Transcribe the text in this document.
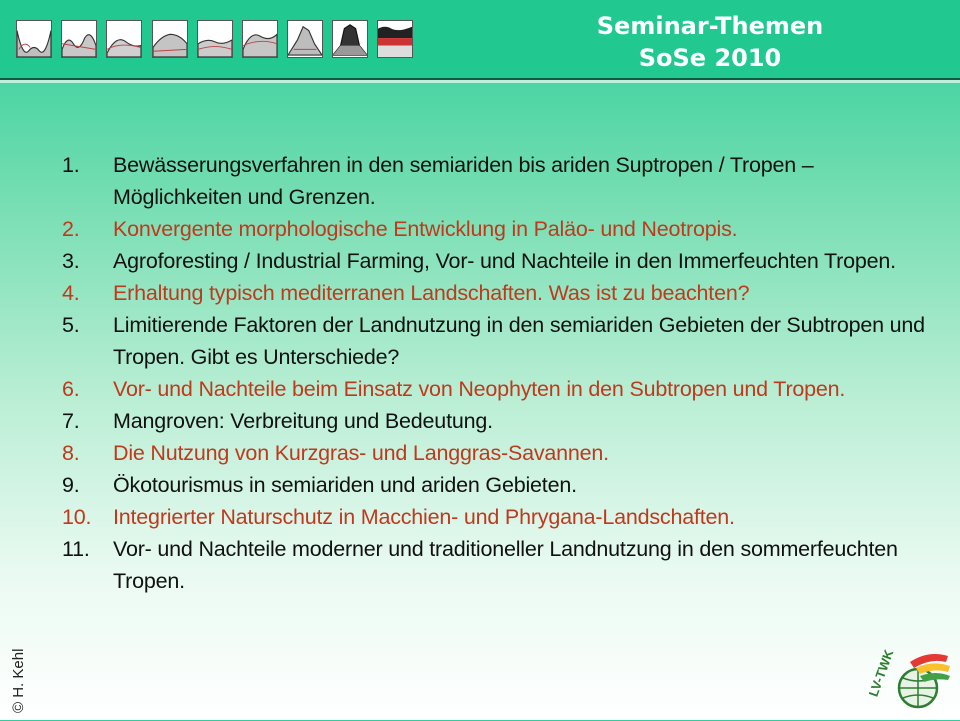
Seminar-Themen
SoSe 2010
1. Bewässerungsverfahren in den semiariden bis ariden Suptropen / Tropen – Möglichkeiten und Grenzen.
2. Konvergente morphologische Entwicklung in Paläo- und Neotropis.
3. Agroforesting / Industrial Farming, Vor- und Nachteile in den Immerfeuchten Tropen.
4. Erhaltung typisch mediterranen Landschaften. Was ist zu beachten?
5. Limitierende Faktoren der Landnutzung in den semiariden Gebieten der Subtropen und Tropen. Gibt es Unterschiede?
6. Vor- und Nachteile beim Einsatz von Neophyten in den Subtropen und Tropen.
7. Mangroven: Verbreitung und Bedeutung.
8. Die Nutzung von Kurzgras- und Langgras-Savannen.
9. Ökotourismus in semiariden und ariden Gebieten.
10. Integrierter Naturschutz in Macchien- und Phrygana-Landschaften.
11. Vor- und Nachteile moderner und traditioneller Landnutzung in den sommerfeuchten Tropen.
© H. Kehl	LV-TWK
